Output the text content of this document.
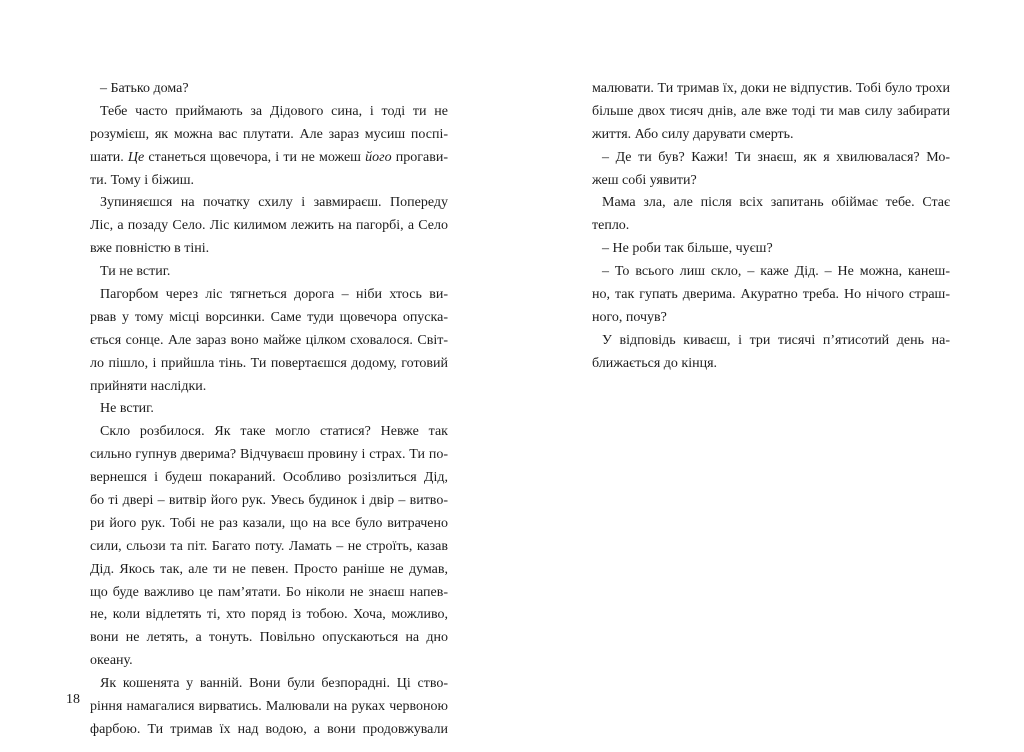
– Батько дома?
Тебе часто приймають за Дідового сина, і тоді ти не
розумієш, як можна вас плутати. Але зараз мусиш поспі-
шати. Це станеться щовечора, і ти не можеш його прогави-
ти. Тому і біжиш.
Зупиняєшся на початку схилу і завмираєш. Попереду
Ліс, а позаду Село. Ліс килимом лежить на пагорбі, а Село
вже повністю в тіні.
Ти не встиг.
Пагорбом через ліс тягнеться дорога – ніби хтось ви-
рвав у тому місці ворсинки. Саме туди щовечора опуска-
ється сонце. Але зараз воно майже цілком сховалося. Світ-
ло пішло, і прийшла тінь. Ти повертаєшся додому, готовий
прийняти наслідки.
Не встиг.
Скло розбилося. Як таке могло статися? Невже так
сильно гупнув дверима? Відчуваєш провину і страх. Ти по-
вернешся і будеш покараний. Особливо розізлиться Дід,
бо ті двері – витвір його рук. Увесь будинок і двір – витво-
ри його рук. Тобі не раз казали, що на все було витрачено
сили, сльози та піт. Багато поту. Ламать – не строїть, казав
Дід. Якось так, але ти не певен. Просто раніше не думав,
що буде важливо це пам’ятати. Бо ніколи не знаєш напев-
не, коли відлетять ті, хто поряд із тобою. Хоча, можливо,
вони не летять, а тонуть. Повільно опускаються на дно
океану.
Як кошенята у ванній. Вони були безпорадні. Ці ство-
ріння намагалися вирватись. Малювали на руках червоною
фарбою. Ти тримав їх над водою, а вони продовжували
малювати. Ти тримав їх, доки не відпустив. Тобі було трохи
більше двох тисяч днів, але вже тоді ти мав силу забирати
життя. Або силу дарувати смерть.
– Де ти був? Кажи! Ти знаєш, як я хвилювалася? Мо-
жеш собі уявити?
Мама зла, але після всіх запитань обіймає тебе. Стає
тепло.
– Не роби так більше, чуєш?
– То всього лиш скло, – каже Дід. – Не можна, канеш-
но, так гупать дверима. Акуратно треба. Но нічого страш-
ного, почув?
У відповідь киваєш, і три тисячі п’ятисотий день на-
ближається до кінця.
18
